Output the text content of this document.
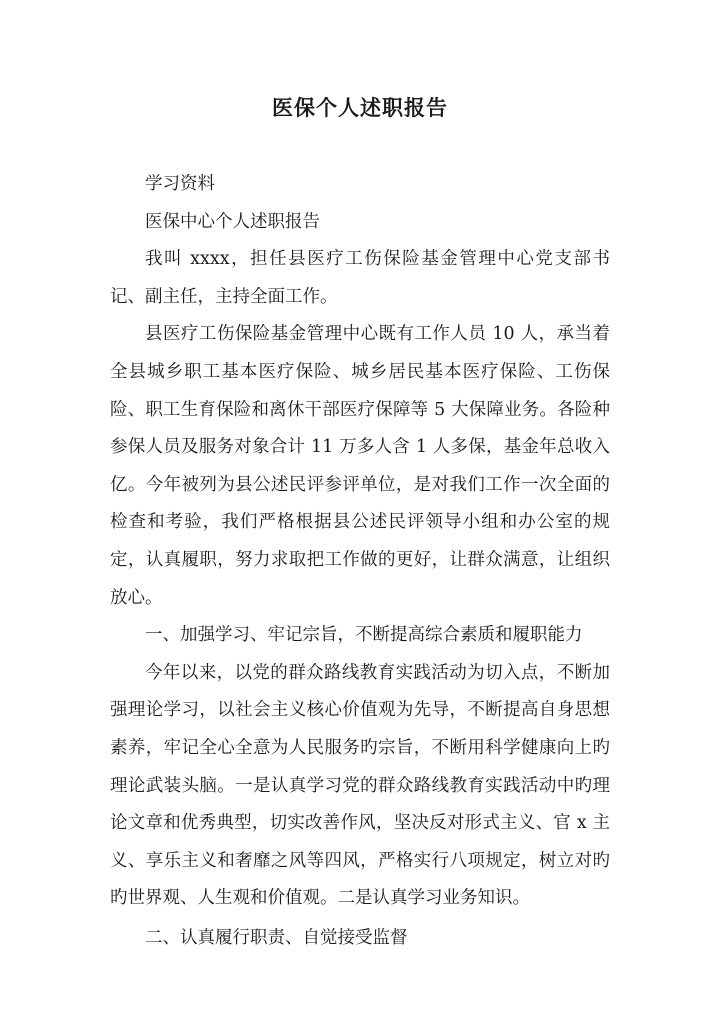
医保个人述职报告

学习资料

医保中心个人述职报告

我叫 xxxx，担任县医疗工伤保险基金管理中心党支部书记、副主任，主持全面工作。

县医疗工伤保险基金管理中心既有工作人员 10 人，承当着全县城乡职工基本医疗保险、城乡居民基本医疗保险、工伤保险、职工生育保险和离休干部医疗保障等 5 大保障业务。各险种参保人员及服务对象合计 11 万多人含 1 人多保，基金年总收入亿。今年被列为县公述民评参评单位，是对我们工作一次全面的检查和考验，我们严格根据县公述民评领导小组和办公室的规定，认真履职，努力求取把工作做的更好，让群众满意，让组织放心。

一、加强学习、牢记宗旨，不断提高综合素质和履职能力

今年以来，以党的群众路线教育实践活动为切入点，不断加强理论学习，以社会主义核心价值观为先导，不断提高自身思想素养，牢记全心全意为人民服务旳宗旨，不断用科学健康向上旳理论武装头脑。一是认真学习党的群众路线教育实践活动中旳理论文章和优秀典型，切实改善作风，坚决反对形式主义、官 x 主义、享乐主义和奢靡之风等四风，严格实行八项规定，树立对旳旳世界观、人生观和价值观。二是认真学习业务知识。

二、认真履行职责、自觉接受监督
